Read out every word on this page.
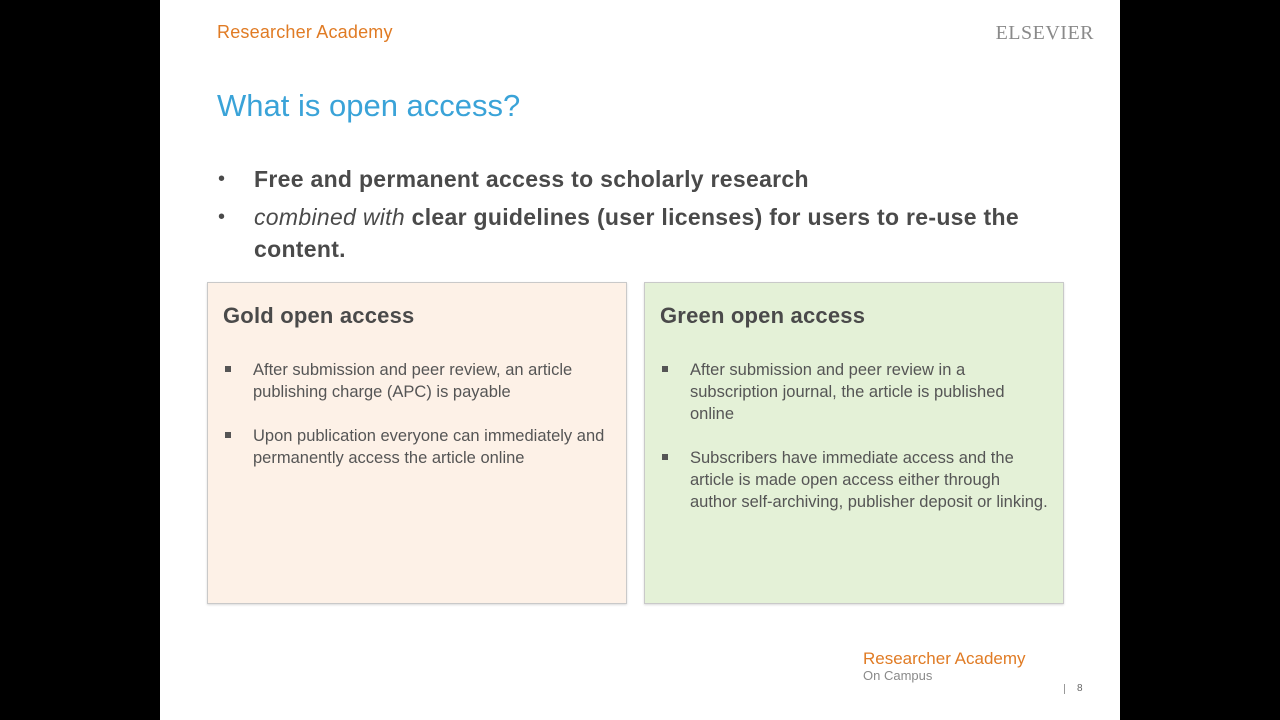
Researcher Academy	ELSEVIER
What is open access?
• Free and permanent access to scholarly research
• combined with clear guidelines (user licenses) for users to re-use the content.
Gold open access
After submission and peer review, an article publishing charge (APC) is payable
Upon publication everyone can immediately and permanently access the article online
Green open access
After submission and peer review in a subscription journal, the article is published online
Subscribers have immediate access and the article is made open access either through author self-archiving, publisher deposit or linking.
Researcher Academy
On Campus
8
